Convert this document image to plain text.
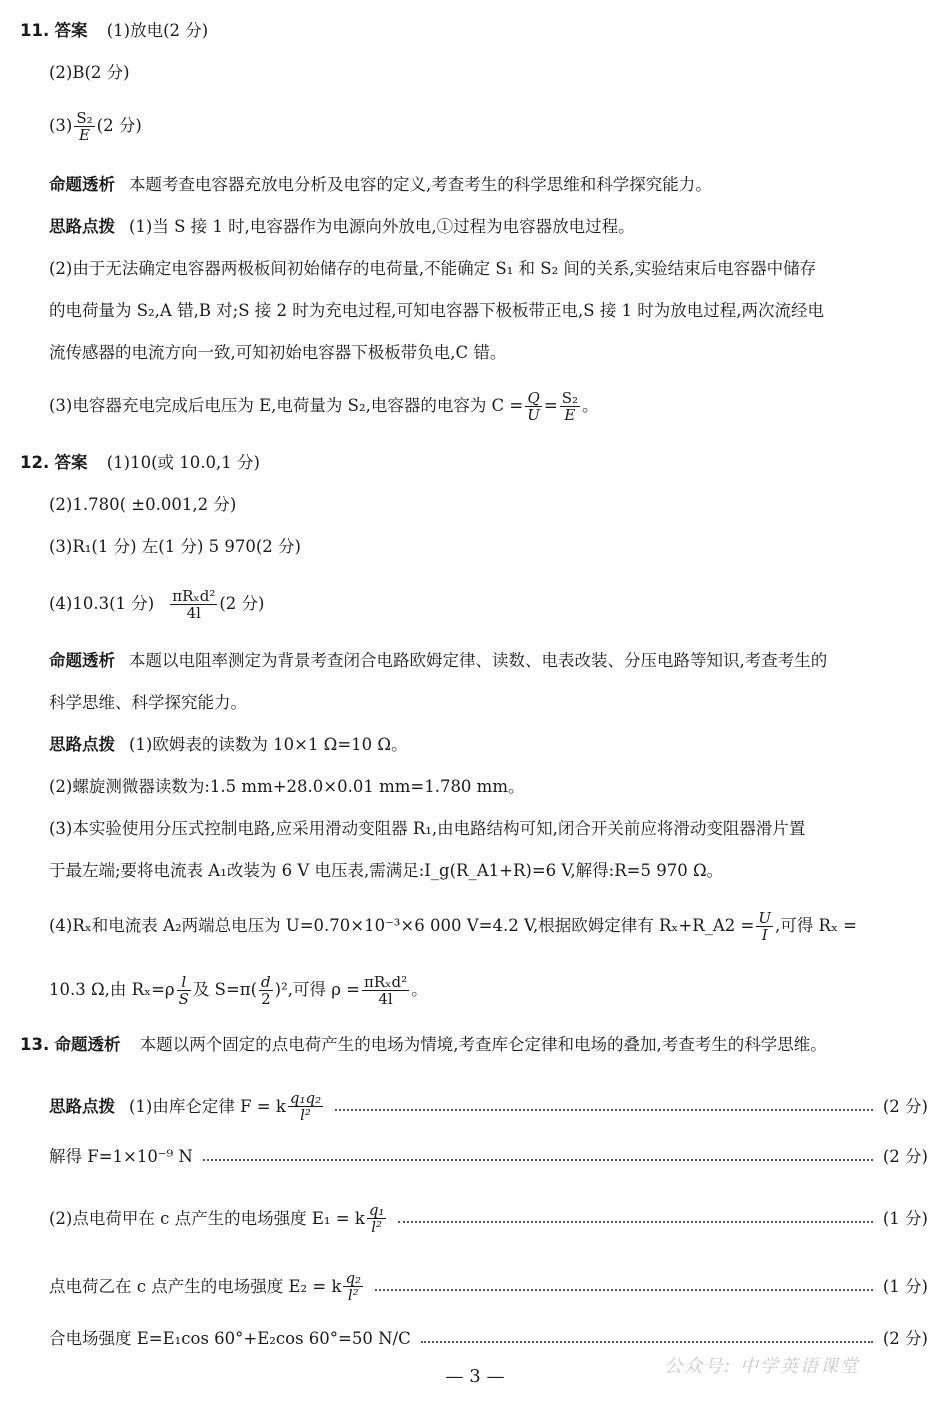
11. 答案 (1)放电(2 分)
(2)B(2 分)
$(3) \frac{\text{S₂}}{E} (2$ 分)
命题透析 本题考查电容器充放电分析及电容的定义,考查考生的科学思维和科学探究能力。
思路点拨 (1)当 S 接 1 时,电容器作为电源向外放电,①过程为电容器放电过程。
(2)由于无法确定电容器两极板间初始储存的电荷量,不能确定 S₁ 和 S₂ 间的关系,实验结束后电容器中储存
的电荷量为 S₂,A 错,B 对;S 接 2 时为充电过程,可知电容器下极板带正电,S 接 1 时为放电过程,两次流经电
流传感器的电流方向一致,可知初始电容器下极板带负电,C 错。
(3)电容器充电完成后电压为 E,电荷量为 S₂,电容器的电容为 $C = \frac{Q}{U} = \frac{\text{S₂}}{E}$ 。
12. 答案 (1)10(或 10.0,1 分)
(2)1.780( ±0.001,2 分)
(3)R₁(1 分) 左(1 分) 5 970(2 分)
(4)10.3(1 分) $\frac{\text{πRₓd²}}{4l} (2$ 分)
命题透析 本题以电阻率测定为背景考查闭合电路欧姆定律、读数、电表改装、分压电路等知识,考查考生的
科学思维、科学探究能力。
思路点拨 (1)欧姆表的读数为 10×1 Ω=10 Ω。
(2)螺旋测微器读数为:1.5 mm+28.0×0.01 mm=1.780 mm。
(3)本实验使用分压式控制电路,应采用滑动变阻器 R₁,由电路结构可知,闭合开关前应将滑动变阻器滑片置
于最左端;要将电流表 A₁改装为 6 V 电压表,需满足:I_g(R_A1+R)=6 V,解得:R=5 970 Ω。
(4)Rₓ和电流表 A₂两端总电压为 U=0.70×10⁻³×6 000 V=4.2 V,根据欧姆定律有 Rₓ+R_A2 = $\frac{U}{I}$ ,可得 Rₓ =
10.3 Ω,由 $R_x=\rho \frac{l}{S}$ 及 $S=\pi( \frac{d}{2} )^2$,可得 $\rho = \frac{\text{πRₓd²}}{4l}$ 。
13. 命题透析 本题以两个固定的点电荷产生的电场为情境,考查库仑定律和电场的叠加,考查考生的科学思维。
思路点拨 (1)由库仑定律 F = k $\frac{\text{q₁q₂}}{\text{l²}}$	(2 分)
解得 F=1×10⁻⁹ N	(2 分)
(2)点电荷甲在 c 点产生的电场强度 E₁ = k $\frac{\text{q₁}}{\text{l²}}$	(1 分)
点电荷乙在 c 点产生的电场强度 E₂ = k $\frac{\text{q₂}}{\text{l²}}$	(1 分)
合电场强度 E=E₁cos 60°+E₂cos 60°=50 N/C	(2 分)
— 3 —	公众号: 中学英语课堂
